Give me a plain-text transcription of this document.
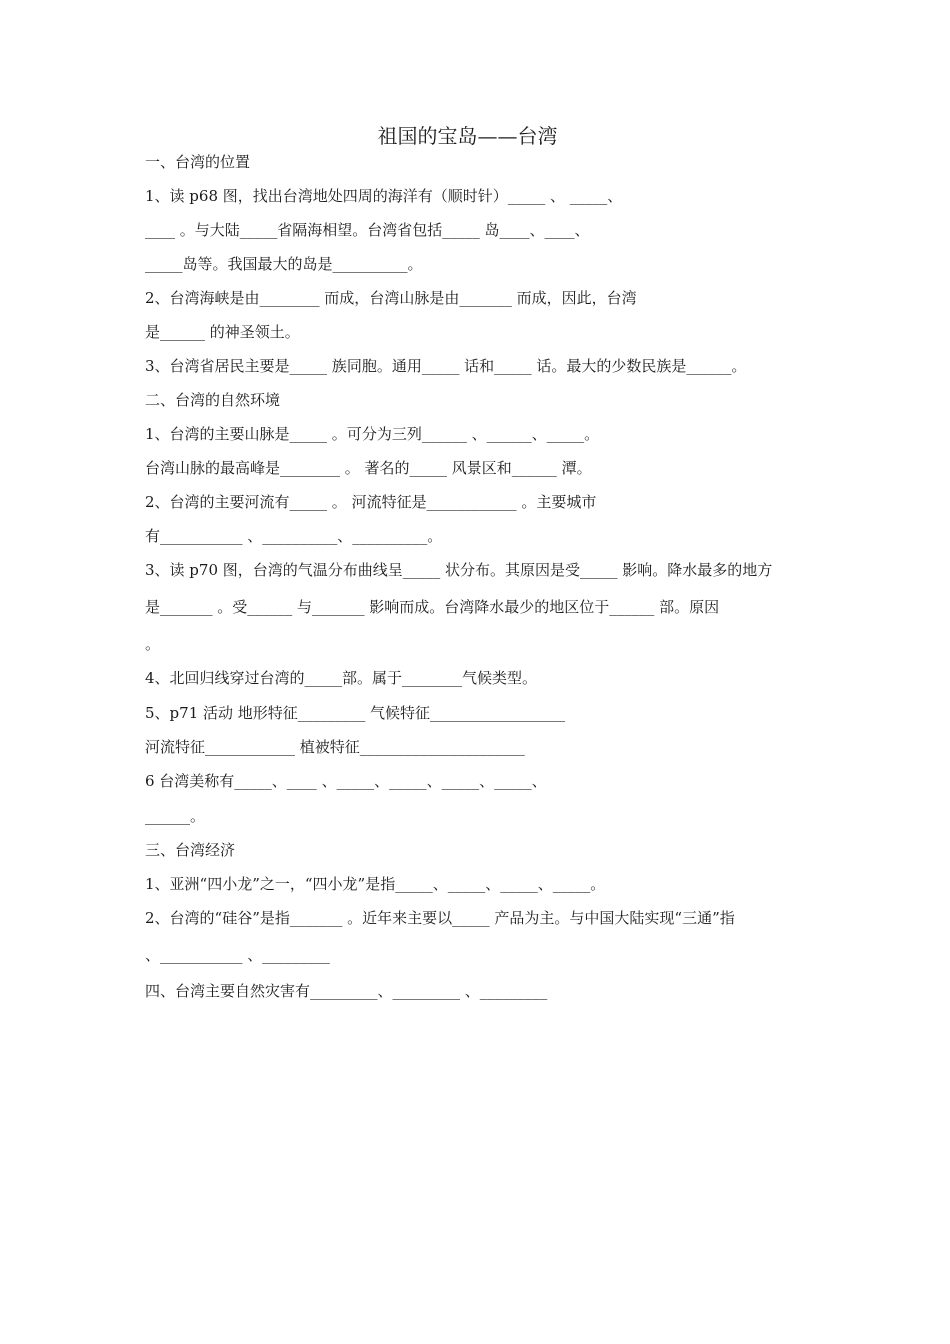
祖国的宝岛——台湾
一、台湾的位置
1、读 p68 图，找出台湾地处四周的海洋有（顺时针）_____ 、 _____、
____ 。与大陆_____省隔海相望。台湾省包括_____ 岛____、____、
_____岛等。我国最大的岛是__________。
2、台湾海峡是由________ 而成，台湾山脉是由_______ 而成，因此，台湾
是______ 的神圣领土。
3、台湾省居民主要是_____ 族同胞。通用_____ 话和_____ 话。最大的少数民族是______。
二、台湾的自然环境
1、台湾的主要山脉是_____ 。可分为三列______ 、______、_____。
台湾山脉的最高峰是________ 。 著名的_____ 风景区和______ 潭。
2、台湾的主要河流有_____ 。 河流特征是____________ 。主要城市
有___________ 、__________、__________。
3、读 p70 图，台湾的气温分布曲线呈_____ 状分布。其原因是受_____ 影响。降水最多的地方
是_______ 。受______ 与_______ 影响而成。台湾降水最少的地区位于______ 部。原因
。
4、北回归线穿过台湾的_____部。属于________气候类型。
5、p71 活动 地形特征_________ 气候特征__________________
河流特征____________ 植被特征______________________
6 台湾美称有_____、____ 、_____、_____、_____、_____、
______。
三、台湾经济
1、亚洲“四小龙”之一，“四小龙”是指_____、_____、_____、_____。
2、台湾的“硅谷”是指_______ 。近年来主要以_____ 产品为主。与中国大陆实现“三通”指
、___________ 、_________
四、台湾主要自然灾害有_________、_________ 、_________
